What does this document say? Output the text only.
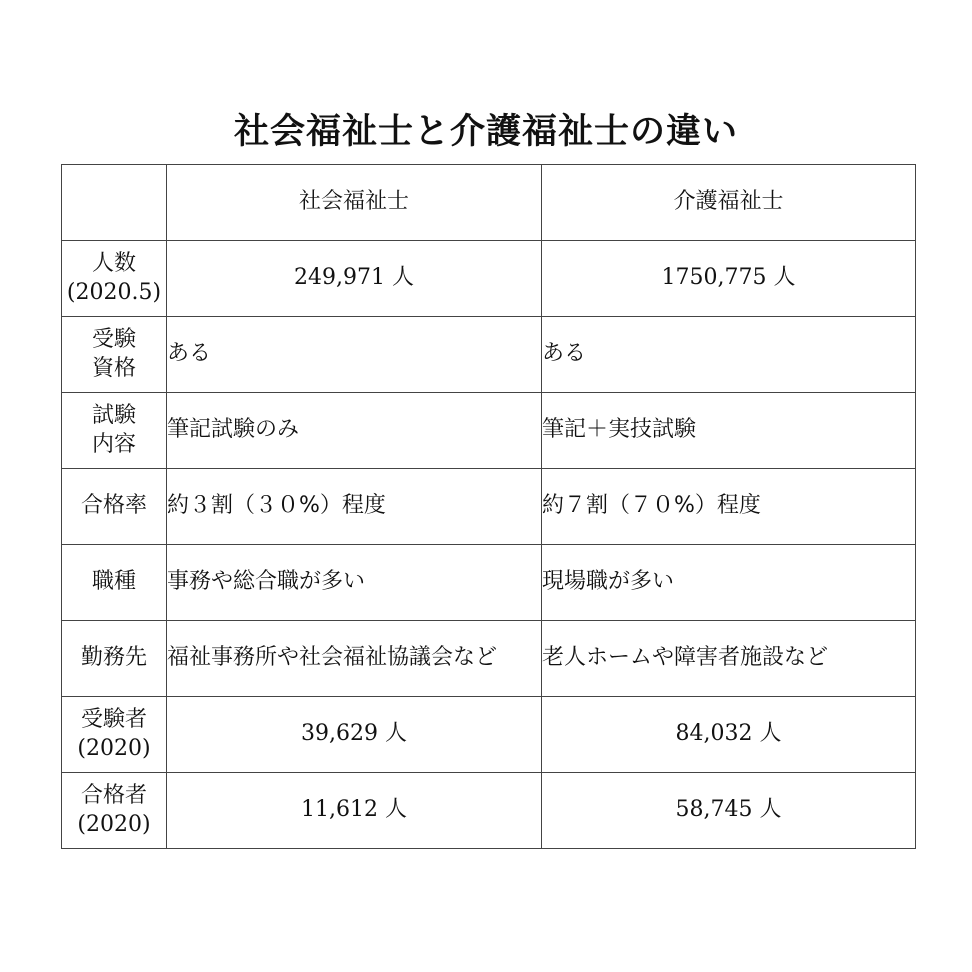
社会福祉士と介護福祉士の違い
	社会福祉士	介護福祉士

人数
(2020.5)	249,971 人	1750,775 人

受験
資格	ある	ある

試験
内容	筆記試験のみ	筆記＋実技試験

合格率	約３割（３０%）程度	約７割（７０%）程度

職種	事務や総合職が多い	現場職が多い

勤務先	福祉事務所や社会福祉協議会など	老人ホームや障害者施設など

受験者
(2020)	39,629 人	84,032 人

合格者
(2020)	11,612 人	58,745 人
